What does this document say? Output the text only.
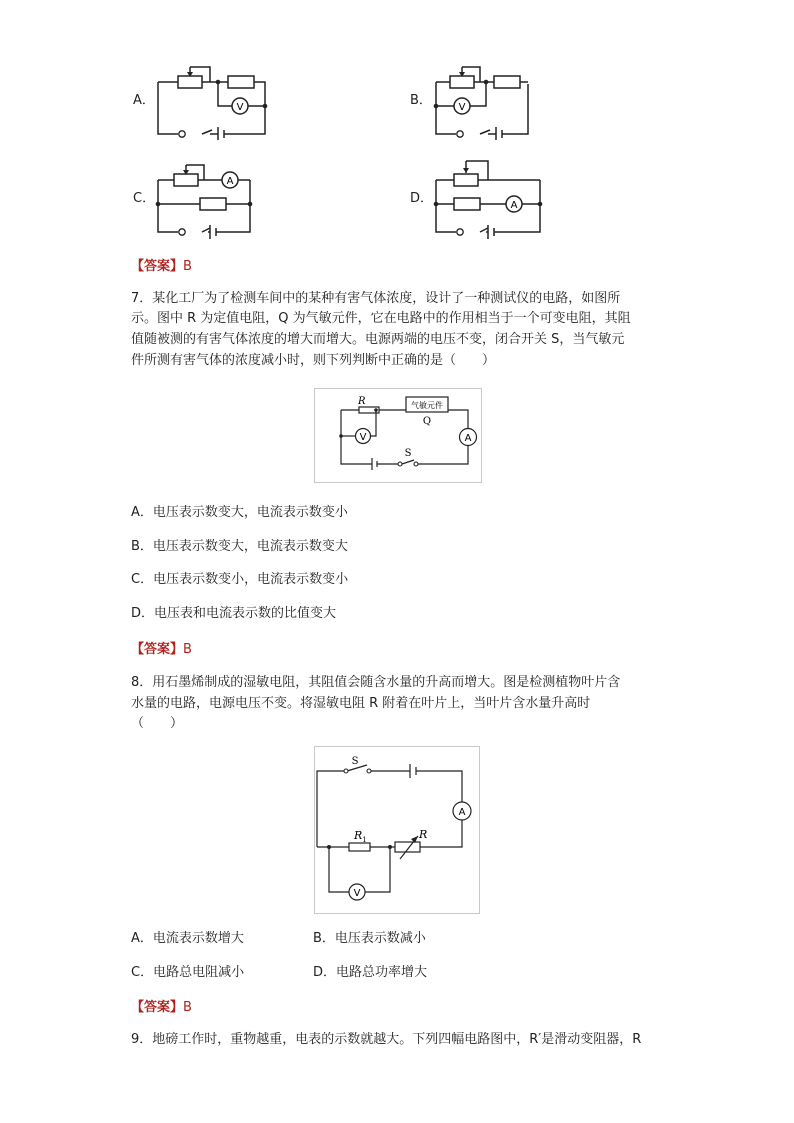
A．	V	B．	V
C．
A
D．	A
【答案】B
7．某化工厂为了检测车间中的某种有害气体浓度，设计了一种测试仪的电路，如图所
示。图中 R 为定值电阻，Q 为气敏元件，它在电路中的作用相当于一个可变电阻，其阻
值随被测的有害气体浓度的增大而增大。电源两端的电压不变，闭合开关 S，当气敏元
件所测有害气体的浓度减小时，则下列判断中正确的是（　　）
R	气敏元件
Q
S
V	A
A．电压表示数变大，电流表示数变小
B．电压表示数变大，电流表示数变大
C．电压表示数变小，电流表示数变小
D．电压表和电流表示数的比值变大
【答案】B
8．用石墨烯制成的湿敏电阻，其阻值会随含水量的升高而增大。图是检测植物叶片含
水量的电路，电源电压不变。将湿敏电阻 R 附着在叶片上，当叶片含水量升高时
（　　）
S
$R_1$	R
V
A
A．电流表示数增大	B．电压表示数减小
C．电路总电阻减小	D．电路总功率增大
【答案】B
9．地磅工作时，重物越重，电表的示数就越大。下列四幅电路图中，R′是滑动变阻器，R
